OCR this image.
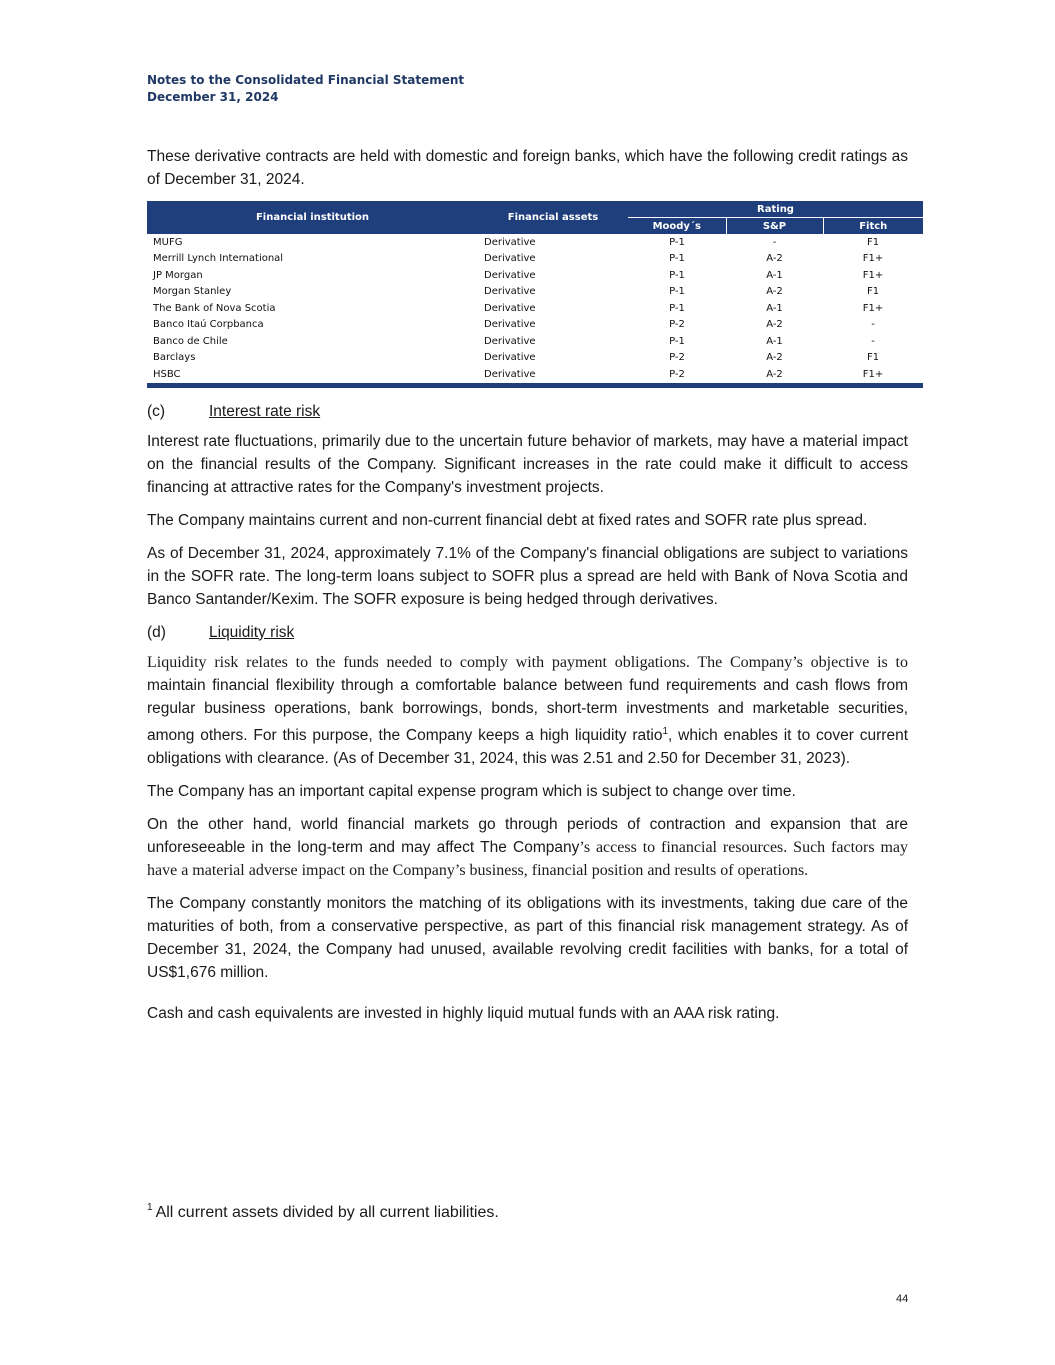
Notes to the Consolidated Financial Statement
December 31, 2024

These derivative contracts are held with domestic and foreign banks, which have the following credit ratings as of December 31, 2024.

Financial institution	Financial assets	Rating		
		Moody´s	S&P	Fitch
MUFG	Derivative	P-1	-	F1
Merrill Lynch International	Derivative	P-1	A-2	F1+
JP Morgan	Derivative	P-1	A-1	F1+
Morgan Stanley	Derivative	P-1	A-2	F1
The Bank of Nova Scotia	Derivative	P-1	A-1	F1+
Banco Itaú Corpbanca	Derivative	P-2	A-2	-
Banco de Chile	Derivative	P-1	A-1	-
Barclays	Derivative	P-2	A-2	F1
HSBC	Derivative	P-2	A-2	F1+
(c)	Interest rate risk

Interest rate fluctuations, primarily due to the uncertain future behavior of markets, may have a material impact on the financial results of the Company. Significant increases in the rate could make it difficult to access financing at attractive rates for the Company's investment projects.

The Company maintains current and non-current financial debt at fixed rates and SOFR rate plus spread.

As of December 31, 2024, approximately 7.1% of the Company's financial obligations are subject to variations in the SOFR rate. The long-term loans subject to SOFR plus a spread are held with Bank of Nova Scotia and Banco Santander/Kexim. The SOFR exposure is being hedged through derivatives.

(d)	Liquidity risk

Liquidity risk relates to the funds needed to comply with payment obligations. The Company’s objective is to maintain financial flexibility through a comfortable balance between fund requirements and cash flows from regular business operations, bank borrowings, bonds, short-term investments and marketable securities, among others. For this purpose, the Company keeps a high liquidity ratio$^1$, which enables it to cover current obligations with clearance. (As of December 31, 2024, this was 2.51 and 2.50 for December 31, 2023).

The Company has an important capital expense program which is subject to change over time.

On the other hand, world financial markets go through periods of contraction and expansion that are unforeseeable in the long-term and may affect The Company’s access to financial resources. Such factors may have a material adverse impact on the Company’s business, financial position and results of operations.

The Company constantly monitors the matching of its obligations with its investments, taking due care of the maturities of both, from a conservative perspective, as part of this financial risk management strategy. As of December 31, 2024, the Company had unused, available revolving credit facilities with banks, for a total of US$1,676 million.

Cash and cash equivalents are invested in highly liquid mutual funds with an AAA risk rating.

$^1$ All current assets divided by all current liabilities.
44
